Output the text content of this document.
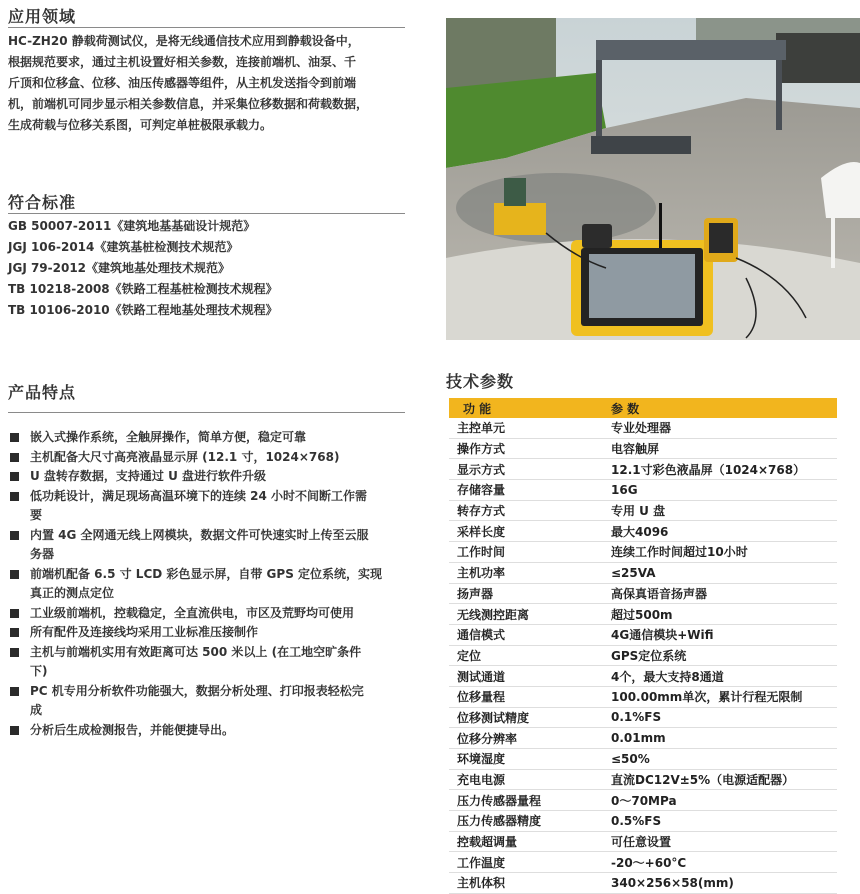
应用领域
HC-ZH20 静载荷测试仪，是将无线通信技术应用到静载设备中，
根据规范要求，通过主机设置好相关参数，连接前端机、油泵、千
斤顶和位移盒、位移、油压传感器等组件，从主机发送指令到前端
机，前端机可同步显示相关参数信息，并采集位移数据和荷载数据，
生成荷载与位移关系图，可判定单桩极限承载力。
符合标准
GB 50007-2011《建筑地基基础设计规范》
JGJ 106-2014《建筑基桩检测技术规范》
JGJ 79-2012《建筑地基处理技术规范》
TB 10218-2008《铁路工程基桩检测技术规程》
TB 10106-2010《铁路工程地基处理技术规程》
产品特点
嵌入式操作系统，全触屏操作，简单方便，稳定可靠
主机配备大尺寸高亮液晶显示屏 (12.1 寸，1024×768)
U 盘转存数据，支持通过 U 盘进行软件升级
低功耗设计，满足现场高温环境下的连续 24 小时不间断工作需
要
内置 4G 全网通无线上网模块，数据文件可快速实时上传至云服
务器
前端机配备 6.5 寸 LCD 彩色显示屏，自带 GPS 定位系统，实现
真正的测点定位
工业级前端机，控载稳定，全直流供电，市区及荒野均可使用
所有配件及连接线均采用工业标准压接制作
主机与前端机实用有效距离可达 500 米以上 (在工地空旷条件
下)
PC 机专用分析软件功能强大，数据分析处理、打印报表轻松完
成
分析后生成检测报告，并能便捷导出。
技术参数
功 能	参 数
主控单元	专业处理器
操作方式	电容触屏
显示方式	12.1寸彩色液晶屏（1024×768）
存储容量	16G
转存方式	专用 U 盘
采样长度	最大4096
工作时间	连续工作时间超过10小时
主机功率	≤25VA
扬声器	高保真语音扬声器
无线测控距离	超过500m
通信模式	4G通信模块+Wifi
定位	GPS定位系统
测试通道	4个，最大支持8通道
位移量程	100.00mm单次，累计行程无限制
位移测试精度	0.1%FS
位移分辨率	0.01mm
环境湿度	≤50%
充电电源	直流DC12V±5%（电源适配器）
压力传感器量程	0～70MPa
压力传感器精度	0.5%FS
控载超调量	可任意设置
工作温度	-20～+60°C
主机体积	340×256×58(mm)
